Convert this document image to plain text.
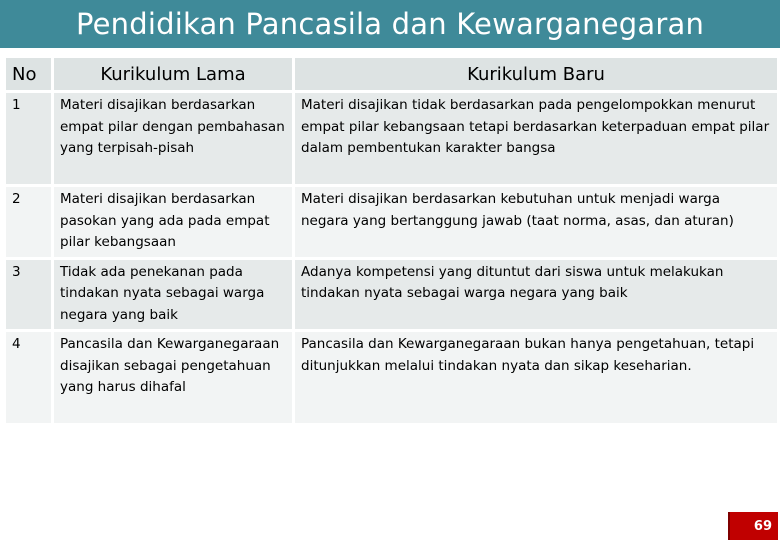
Pendidikan Pancasila dan Kewarganegaran
No	Kurikulum Lama	Kurikulum Baru
1	Materi disajikan berdasarkan empat pilar dengan pembahasan yang terpisah-pisah	Materi disajikan tidak berdasarkan pada pengelompokkan menurut empat pilar kebangsaan tetapi berdasarkan keterpaduan empat pilar dalam pembentukan karakter bangsa
2	Materi disajikan berdasarkan pasokan yang ada pada empat pilar kebangsaan	Materi disajikan berdasarkan kebutuhan untuk menjadi warga negara yang bertanggung jawab (taat norma, asas, dan aturan)
3	Tidak ada penekanan pada tindakan nyata sebagai warga negara yang baik	Adanya kompetensi yang dituntut dari siswa untuk melakukan tindakan nyata sebagai warga negara yang baik
4	Pancasila dan Kewarganegaraan disajikan sebagai pengetahuan yang harus dihafal	Pancasila dan Kewarganegaraan bukan hanya pengetahuan, tetapi ditunjukkan melalui tindakan nyata dan sikap keseharian.
69
